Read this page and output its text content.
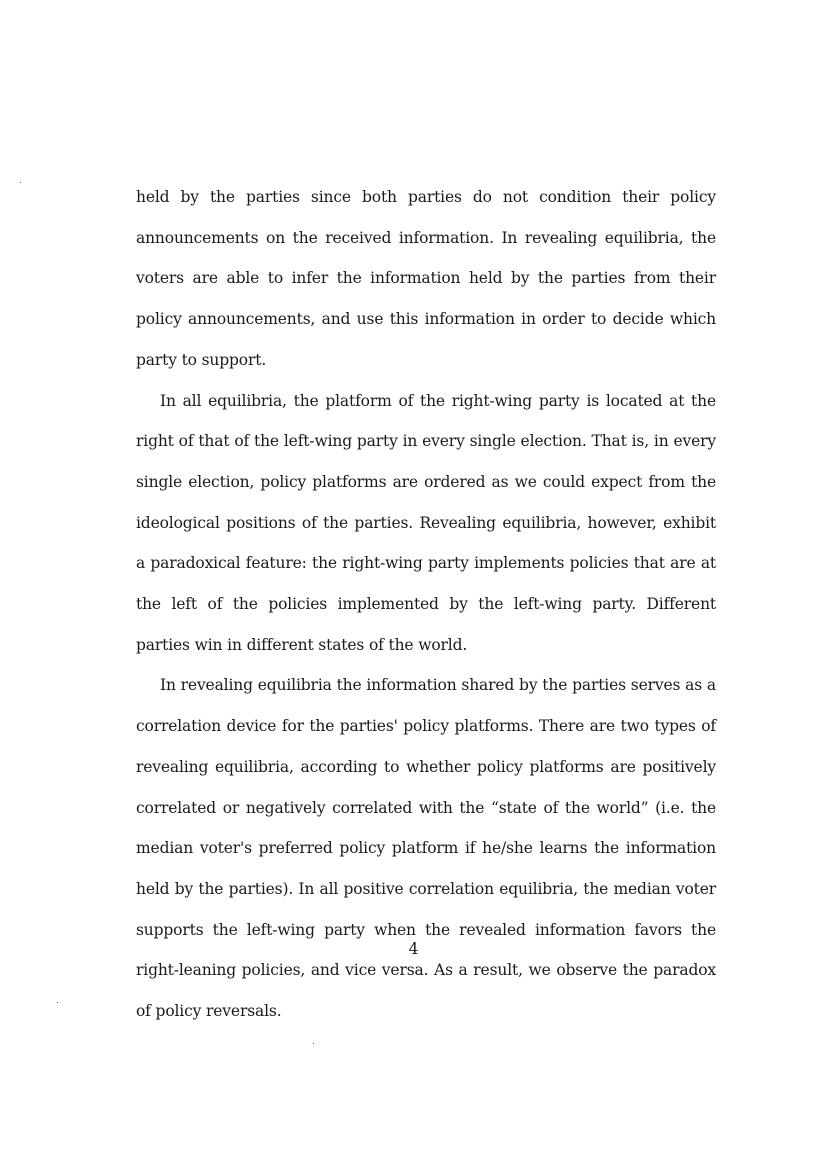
held by the parties since both parties do not condition their policy announcements on the received information. In revealing equilibria, the voters are able to infer the information held by the parties from their policy announcements, and use this information in order to decide which party to support.

In all equilibria, the platform of the right-wing party is located at the right of that of the left-wing party in every single election. That is, in every single election, policy platforms are ordered as we could expect from the ideological positions of the parties. Revealing equilibria, however, exhibit a paradoxical feature: the right-wing party implements policies that are at the left of the policies implemented by the left-wing party. Different parties win in different states of the world.

In revealing equilibria the information shared by the parties serves as a correlation device for the parties' policy platforms. There are two types of revealing equilibria, according to whether policy platforms are positively correlated or negatively correlated with the “state of the world” (i.e. the median voter's preferred policy platform if he/she learns the information held by the parties). In all positive correlation equilibria, the median voter supports the left-wing party when the revealed information favors the right-leaning policies, and vice versa. As a result, we observe the paradox of policy reversals.

4
